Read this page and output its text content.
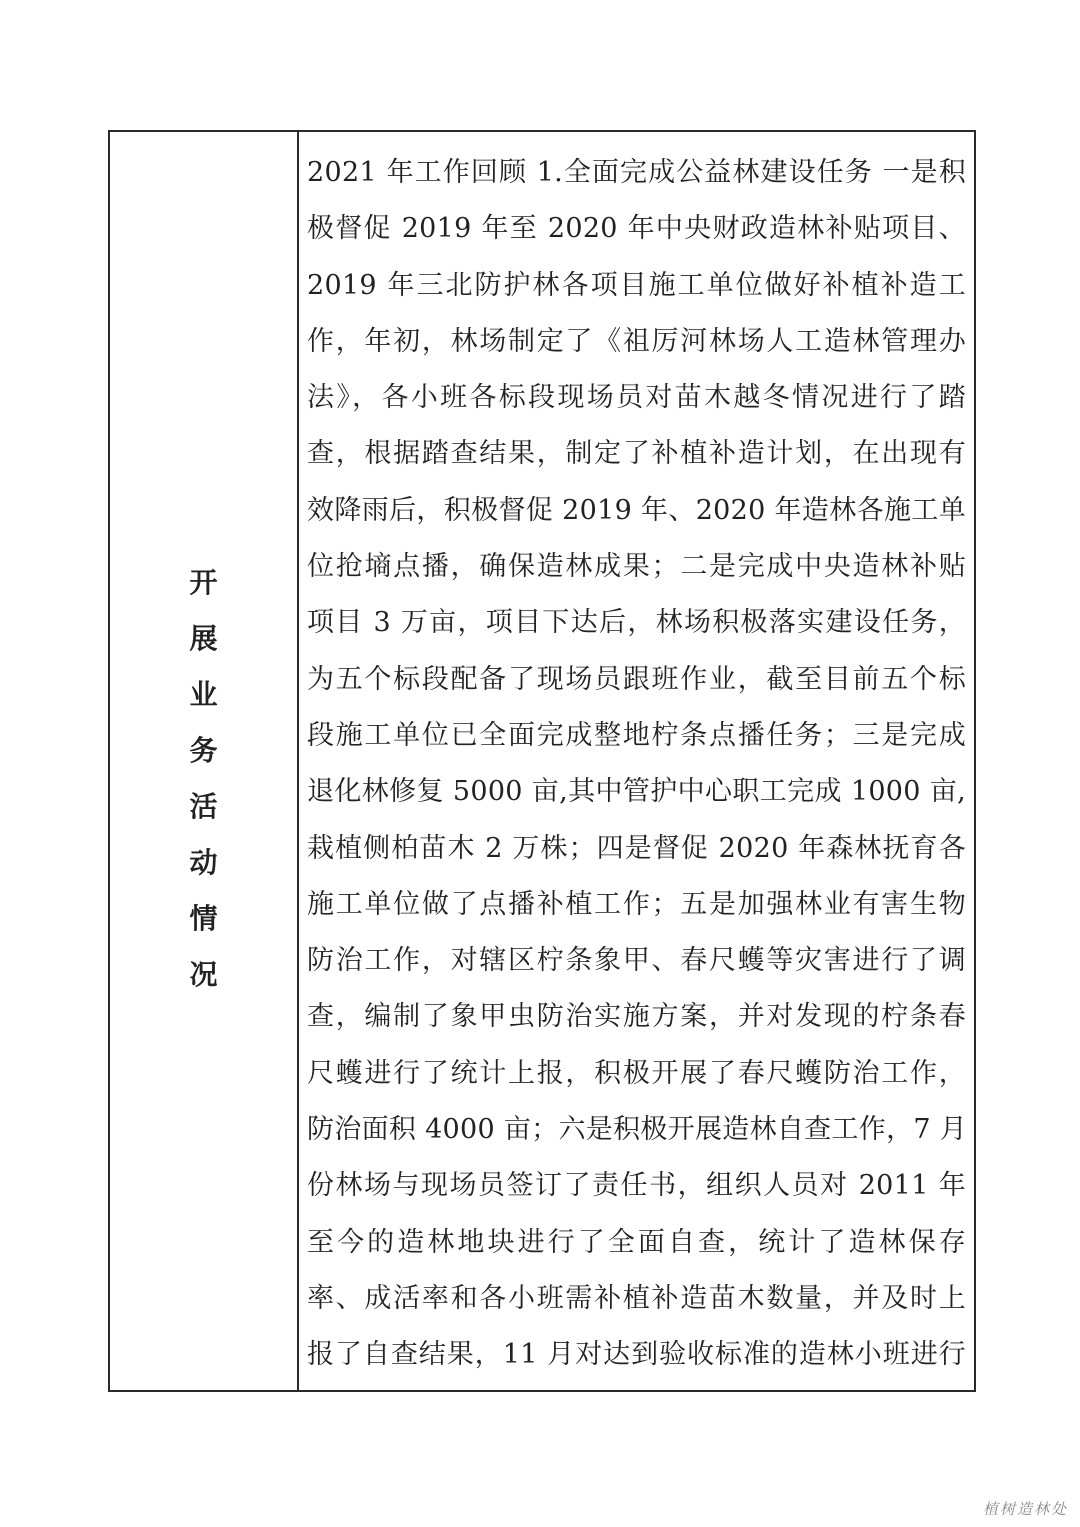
开
展
业
务
活
动
情
况
2021 年工作回顾 1.全面完成公益林建设任务 一是积
极督促 2019 年至 2020 年中央财政造林补贴项目、
2019 年三北防护林各项目施工单位做好补植补造工
作，年初，林场制定了《祖厉河林场人工造林管理办
法》，各小班各标段现场员对苗木越冬情况进行了踏
查，根据踏查结果，制定了补植补造计划，在出现有
效降雨后，积极督促 2019 年、2020 年造林各施工单
位抢墒点播，确保造林成果；二是完成中央造林补贴
项目 3 万亩，项目下达后，林场积极落实建设任务，
为五个标段配备了现场员跟班作业，截至目前五个标
段施工单位已全面完成整地柠条点播任务；三是完成
退化林修复 5000 亩,其中管护中心职工完成 1000 亩,
栽植侧柏苗木 2 万株；四是督促 2020 年森林抚育各
施工单位做了点播补植工作；五是加强林业有害生物
防治工作，对辖区柠条象甲、春尺蠖等灾害进行了调
查，编制了象甲虫防治实施方案，并对发现的柠条春
尺蠖进行了统计上报，积极开展了春尺蠖防治工作，
防治面积 4000 亩；六是积极开展造林自查工作，7 月
份林场与现场员签订了责任书，组织人员对 2011 年
至今的造林地块进行了全面自查，统计了造林保存
率、成活率和各小班需补植补造苗木数量，并及时上
报了自查结果，11 月对达到验收标准的造林小班进行
植树造林处
